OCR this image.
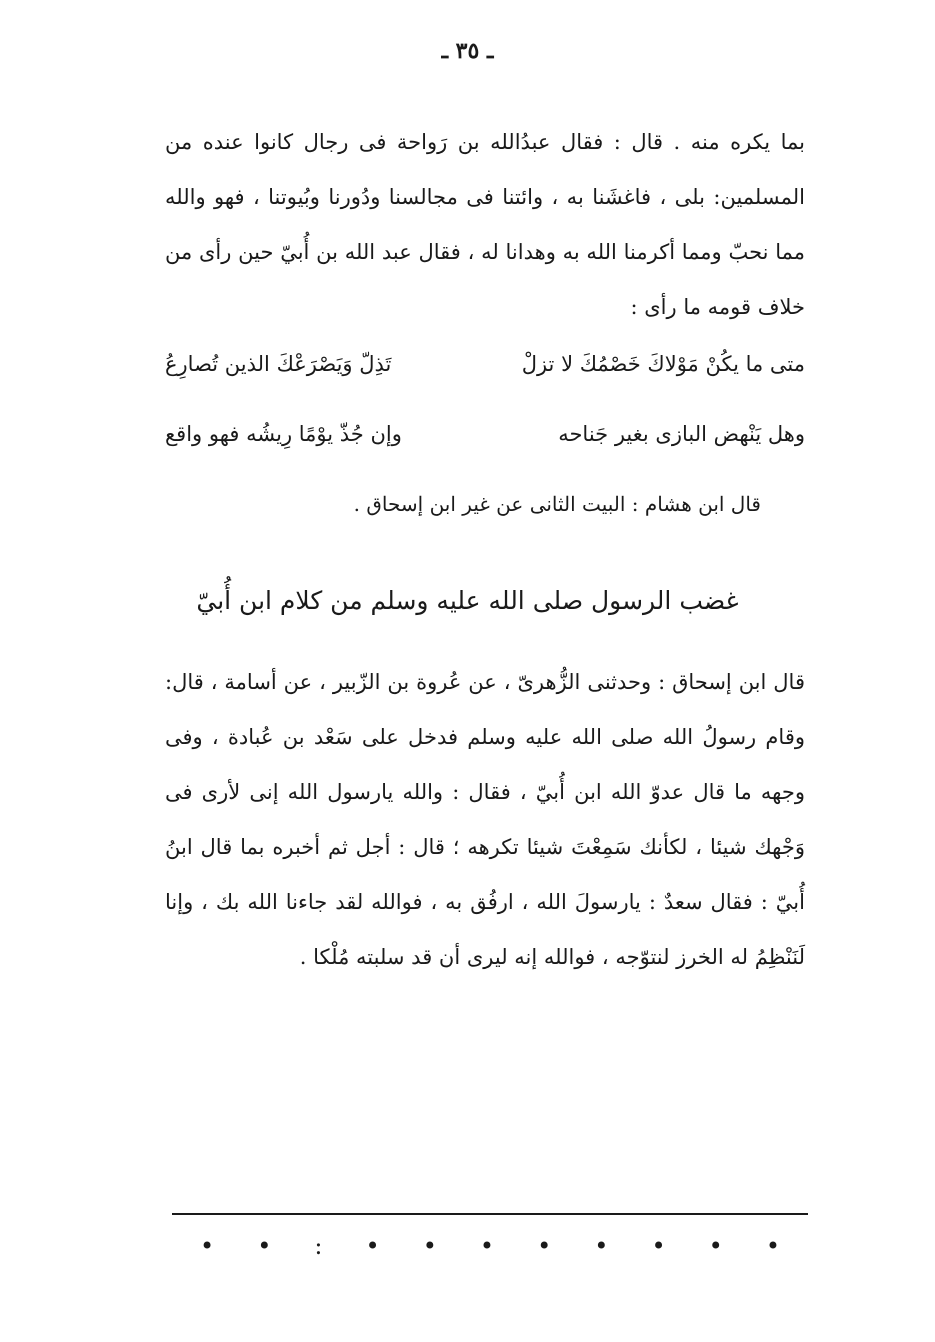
ـ ٣٥ ـ

بما يكره منه . قال : فقال عبدُالله بن رَواحة فى رجال كانوا عنده من المسلمين: بلى ، فاغشَنا به ، وائتنا فى مجالسنا ودُورنا وبُيوتنا ، فهو والله مما نحبّ ومما أكرمنا الله به وهدانا له ، فقال عبد الله بن أُبيّ حين رأى من خلاف قومه ما رأى :

متى ما يكُنْ مَوْلاكَ خَصْمُكَ لا تزلْ
تَذِلّ وَيَصْرَعْكَ الذين تُصارِعُ
وهل يَنْهض البازى بغير جَناحه
وإن جُذّ يوْمًا رِيشُه فهو واقع
قال ابن هشام : البيت الثانى عن غير ابن إسحاق .
غضب الرسول صلى الله عليه وسلم من كلام ابن أُبيّ

قال ابن إسحاق : وحدثنى الزُّهرىّ ، عن عُروة بن الزّبير ، عن أسامة ، قال: وقام رسولُ الله صلى الله عليه وسلم فدخل على سَعْد بن عُبادة ، وفى وجهه ما قال عدوّ الله ابن أُبيّ ، فقال : والله يارسول الله إنى لأرى فى وَجْهك شيئا ، لكأنك سَمِعْتَ شيئا تكرهه ؛ قال : أجل ثم أخبره بما قال ابنُ أُبيّ : فقال سعدٌ : يارسولَ الله ، ارفُق به ، فوالله لقد جاءنا الله بك ، وإنا لَنَنْظِمُ له الخرز لنتوّجه ، فوالله إنه ليرى أن قد سلبته مُلْكا .

• • : • • • • • • • •
